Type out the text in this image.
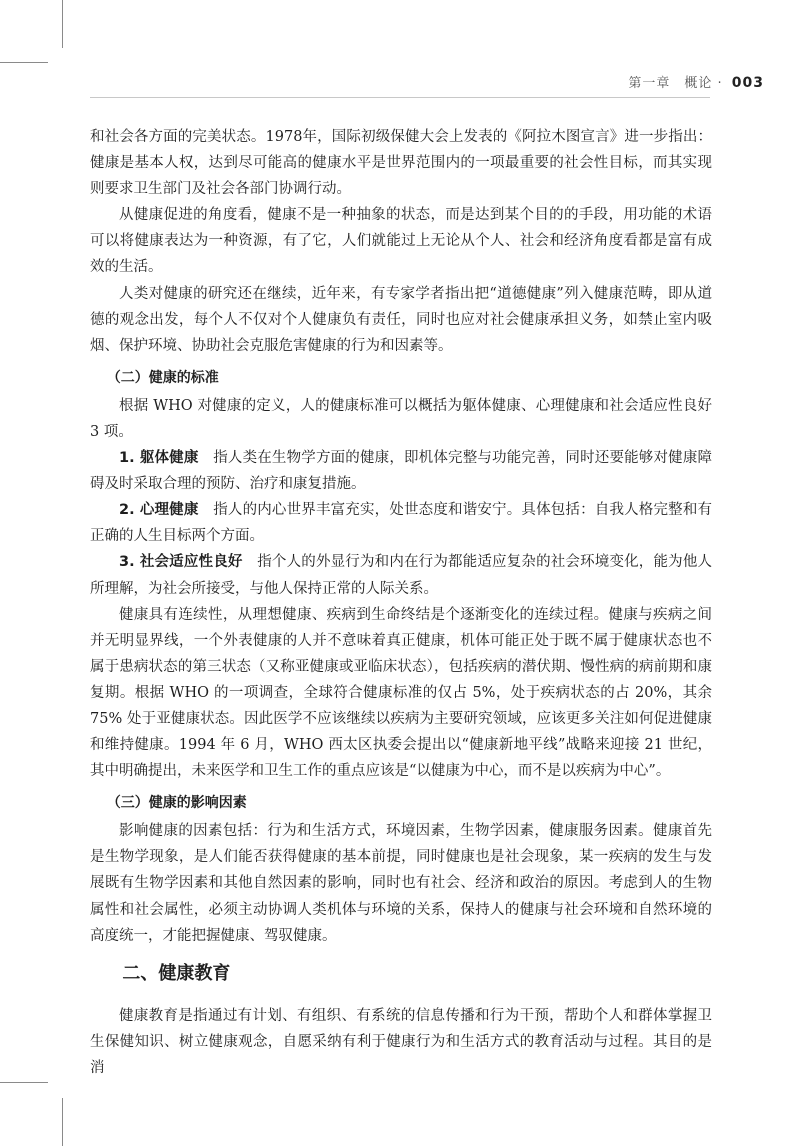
第一章　概论 · 003

和社会各方面的完美状态。1978年，国际初级保健大会上发表的《阿拉木图宣言》进一步指出：健康是基本人权，达到尽可能高的健康水平是世界范围内的一项最重要的社会性目标，而其实现则要求卫生部门及社会各部门协调行动。

从健康促进的角度看，健康不是一种抽象的状态，而是达到某个目的的手段，用功能的术语可以将健康表达为一种资源，有了它，人们就能过上无论从个人、社会和经济角度看都是富有成效的生活。

人类对健康的研究还在继续，近年来，有专家学者指出把“道德健康”列入健康范畴，即从道德的观念出发，每个人不仅对个人健康负有责任，同时也应对社会健康承担义务，如禁止室内吸烟、保护环境、协助社会克服危害健康的行为和因素等。

（二）健康的标准

根据 WHO 对健康的定义，人的健康标准可以概括为躯体健康、心理健康和社会适应性良好 3 项。

1. 躯体健康　 指人类在生物学方面的健康，即机体完整与功能完善，同时还要能够对健康障碍及时采取合理的预防、治疗和康复措施。

2. 心理健康　 指人的内心世界丰富充实，处世态度和谐安宁。具体包括：自我人格完整和有正确的人生目标两个方面。

3. 社会适应性良好　 指个人的外显行为和内在行为都能适应复杂的社会环境变化，能为他人所理解，为社会所接受，与他人保持正常的人际关系。

健康具有连续性，从理想健康、疾病到生命终结是个逐渐变化的连续过程。健康与疾病之间并无明显界线，一个外表健康的人并不意味着真正健康，机体可能正处于既不属于健康状态也不属于患病状态的第三状态（又称亚健康或亚临床状态），包括疾病的潜伏期、慢性病的病前期和康复期。根据 WHO 的一项调查，全球符合健康标准的仅占 5%，处于疾病状态的占 20%，其余 75% 处于亚健康状态。因此医学不应该继续以疾病为主要研究领域，应该更多关注如何促进健康和维持健康。1994 年 6 月，WHO 西太区执委会提出以“健康新地平线”战略来迎接 21 世纪，其中明确提出，未来医学和卫生工作的重点应该是“以健康为中心，而不是以疾病为中心”。

（三）健康的影响因素

影响健康的因素包括：行为和生活方式，环境因素，生物学因素，健康服务因素。健康首先是生物学现象，是人们能否获得健康的基本前提，同时健康也是社会现象，某一疾病的发生与发展既有生物学因素和其他自然因素的影响，同时也有社会、经济和政治的原因。考虑到人的生物属性和社会属性，必须主动协调人类机体与环境的关系，保持人的健康与社会环境和自然环境的高度统一，才能把握健康、驾驭健康。

二、健康教育

健康教育是指通过有计划、有组织、有系统的信息传播和行为干预，帮助个人和群体掌握卫生保健知识、树立健康观念，自愿采纳有利于健康行为和生活方式的教育活动与过程。其目的是消
